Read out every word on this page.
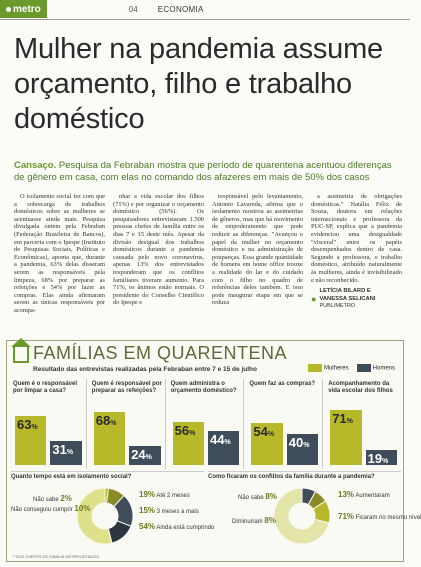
metro	04	ECONOMIA
Mulher na pandemia assume orçamento, filho e trabalho doméstico

Cansaço. Pesquisa da Febraban mostra que período de quarentena acentuou diferenças de gênero em casa, com elas no comando dos afazeres em mais de 50% dos casos

O isolamento social fez com que a sobrecarga de trabalhos domésticos sobre as mulheres se acentuasse ainda mais. Pesquisa divulgada ontem pela Febraban (Federação Brasileira de Bancos), em parceria com o Ipespe (Instituto de Pesquisas Sociais, Políticas e Econômicas), aponta que, durante a pandemia, 63% delas disseram serem as responsáveis pela limpeza, 68% por preparar as refeições e 54% por fazer as compras. Elas ainda afirmaram serem as únicas responsáveis por acompa-

nhar a vida escolar dos filhos (71%) e por organizar o orçamento doméstico (56%). Os pesquisadores entrevistaram 1.500 pessoas chefes de família entre os dias 7 e 15 deste mês. Apesar da divisão desigual dos trabalhos domésticos durante a pandemia causada pelo novo coronavírus, apenas 13% dos entrevistados responderam que os conflitos familiares tiveram aumento. Para 71%, os ânimos estão normais. O presidente do Conselho Científico do Ipespe e

responsável pelo levantamento, Antonio Lavareda, afirma que o isolamento mostrou as assimetrias de gêneros, mas que há movimento de empoderamento que pode reduzir as diferenças. "Avançou o papel da mulher no orçamento doméstico e na administração de poupanças. Essa grande quantidade de homens em home office trouxe a realidade do lar e do cuidado com o filho no quadro de referências deles também. E isso pode inaugurar etapa em que se reduza

a assimetria de obrigações domésticas." Natália Félix de Souza, doutora em relações internacionais e professora da PUC-SP, explica que a pandemia evidenciou uma desigualdade "visceral" entre os papéis desempenhados dentro de casa. Segundo a professora, o trabalho doméstico, atribuído naturalmente às mulheres, ainda é invisibilizado e não reconhecido.

●
LETÍCIA BILARD E
VANESSA SELICANI
PUBLIMETRO
FAMÍLIAS EM QUARENTENA
Resultado das entrevistas realizadas pela Febraban entre 7 e 15 de julho	Mulheres	Homens
Quem é o responsável por limpar a casa?
63%
31%
Quem é responsável por preparar as refeições?
68%
24%
Quem administra o orçamento doméstico?
56% 44%
Quem faz as compras?
54%
40%
Acompanhamento da vida escolar dos filhos
71%
19%
Quanto tempo está em isolamento social?
Não sabe 2%
Não conseguiu cumprir 10%
19% Até 2 meses
15% 3 meses a mais
54% Ainda está cumprindo
Como ficaram os conflitos da família durante a pandemia?
Não sabe 8%
Diminuíram 8%
13% Aumentaram
71% Ficaram no mesmo nível
¹ DOS CHEFES DE FAMÍLIA ENTREVISTADOS
